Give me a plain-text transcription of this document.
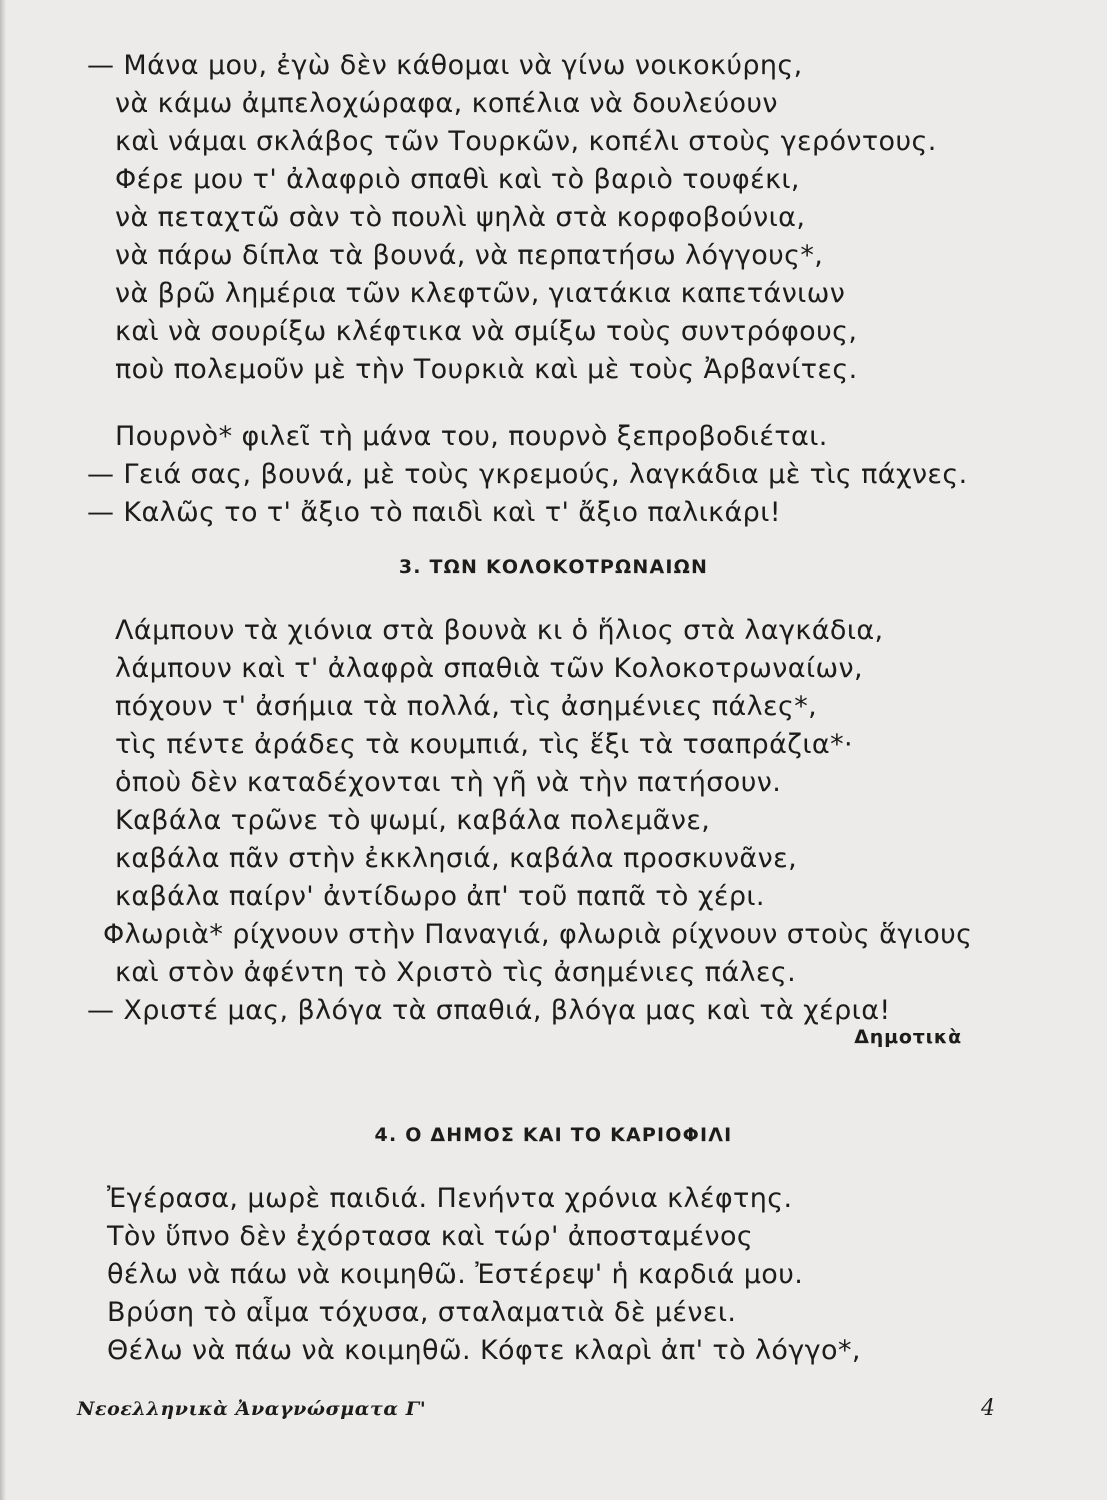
— Μάνα μου, ἐγὼ δὲν κάθομαι νὰ γίνω νοικοκύρης,
νὰ κάμω ἀμπελοχώραφα, κοπέλια νὰ δουλεύουν
καὶ νάμαι σκλάβος τῶν Τουρκῶν, κοπέλι στοὺς γερόντους.
Φέρε μου τ' ἀλαφριὸ σπαθὶ καὶ τὸ βαριὸ τουφέκι,
νὰ πεταχτῶ σὰν τὸ πουλὶ ψηλὰ στὰ κορφοβούνια,
νὰ πάρω δίπλα τὰ βουνά, νὰ περπατήσω λόγγους*,
νὰ βρῶ λημέρια τῶν κλεφτῶν, γιατάκια καπετάνιων
καὶ νὰ σουρίξω κλέφτικα νὰ σμίξω τοὺς συντρόφους,
ποὺ πολεμοῦν μὲ τὴν Τουρκιὰ καὶ μὲ τοὺς Ἀρβανίτες.
Πουρνὸ* φιλεῖ τὴ μάνα του, πουρνὸ ξεπροβοδιέται.
— Γειά σας, βουνά, μὲ τοὺς γκρεμούς, λαγκάδια μὲ τὶς πάχνες.
— Καλῶς το τ' ἄξιο τὸ παιδὶ καὶ τ' ἄξιο παλικάρι!
3. ΤΩΝ ΚΟΛΟΚΟΤΡΩΝΑΙΩΝ
Λάμπουν τὰ χιόνια στὰ βουνὰ κι ὁ ἥλιος στὰ λαγκάδια,
λάμπουν καὶ τ' ἀλαφρὰ σπαθιὰ τῶν Κολοκοτρωναίων,
πόχουν τ' ἀσήμια τὰ πολλά, τὶς ἀσημένιες πάλες*,
τὶς πέντε ἀράδες τὰ κουμπιά, τὶς ἕξι τὰ τσαπράζια*·
ὁποὺ δὲν καταδέχονται τὴ γῆ νὰ τὴν πατήσουν.
Καβάλα τρῶνε τὸ ψωμί, καβάλα πολεμᾶνε,
καβάλα πᾶν στὴν ἐκκλησιά, καβάλα προσκυνᾶνε,
καβάλα παίρν' ἀντίδωρο ἀπ' τοῦ παπᾶ τὸ χέρι.
Φλωριὰ* ρίχνουν στὴν Παναγιά, φλωριὰ ρίχνουν στοὺς ἅγιους
καὶ στὸν ἀφέντη τὸ Χριστὸ τὶς ἀσημένιες πάλες.
— Χριστέ μας, βλόγα τὰ σπαθιά, βλόγα μας καὶ τὰ χέρια!
Δημοτικὰ
4. Ο ΔΗΜΟΣ ΚΑΙ ΤΟ ΚΑΡΙΟΦΙΛΙ
Ἐγέρασα, μωρὲ παιδιά. Πενήντα χρόνια κλέφτης.
Τὸν ὕπνο δὲν ἐχόρτασα καὶ τώρ' ἀποσταμένος
θέλω νὰ πάω νὰ κοιμηθῶ. Ἐστέρεψ' ἡ καρδιά μου.
Βρύση τὸ αἷμα τόχυσα, σταλαματιὰ δὲ μένει.
Θέλω νὰ πάω νὰ κοιμηθῶ. Κόφτε κλαρὶ ἀπ' τὸ λόγγο*,
Νεοελληνικὰ Ἀναγνώσματα Γ'	4
